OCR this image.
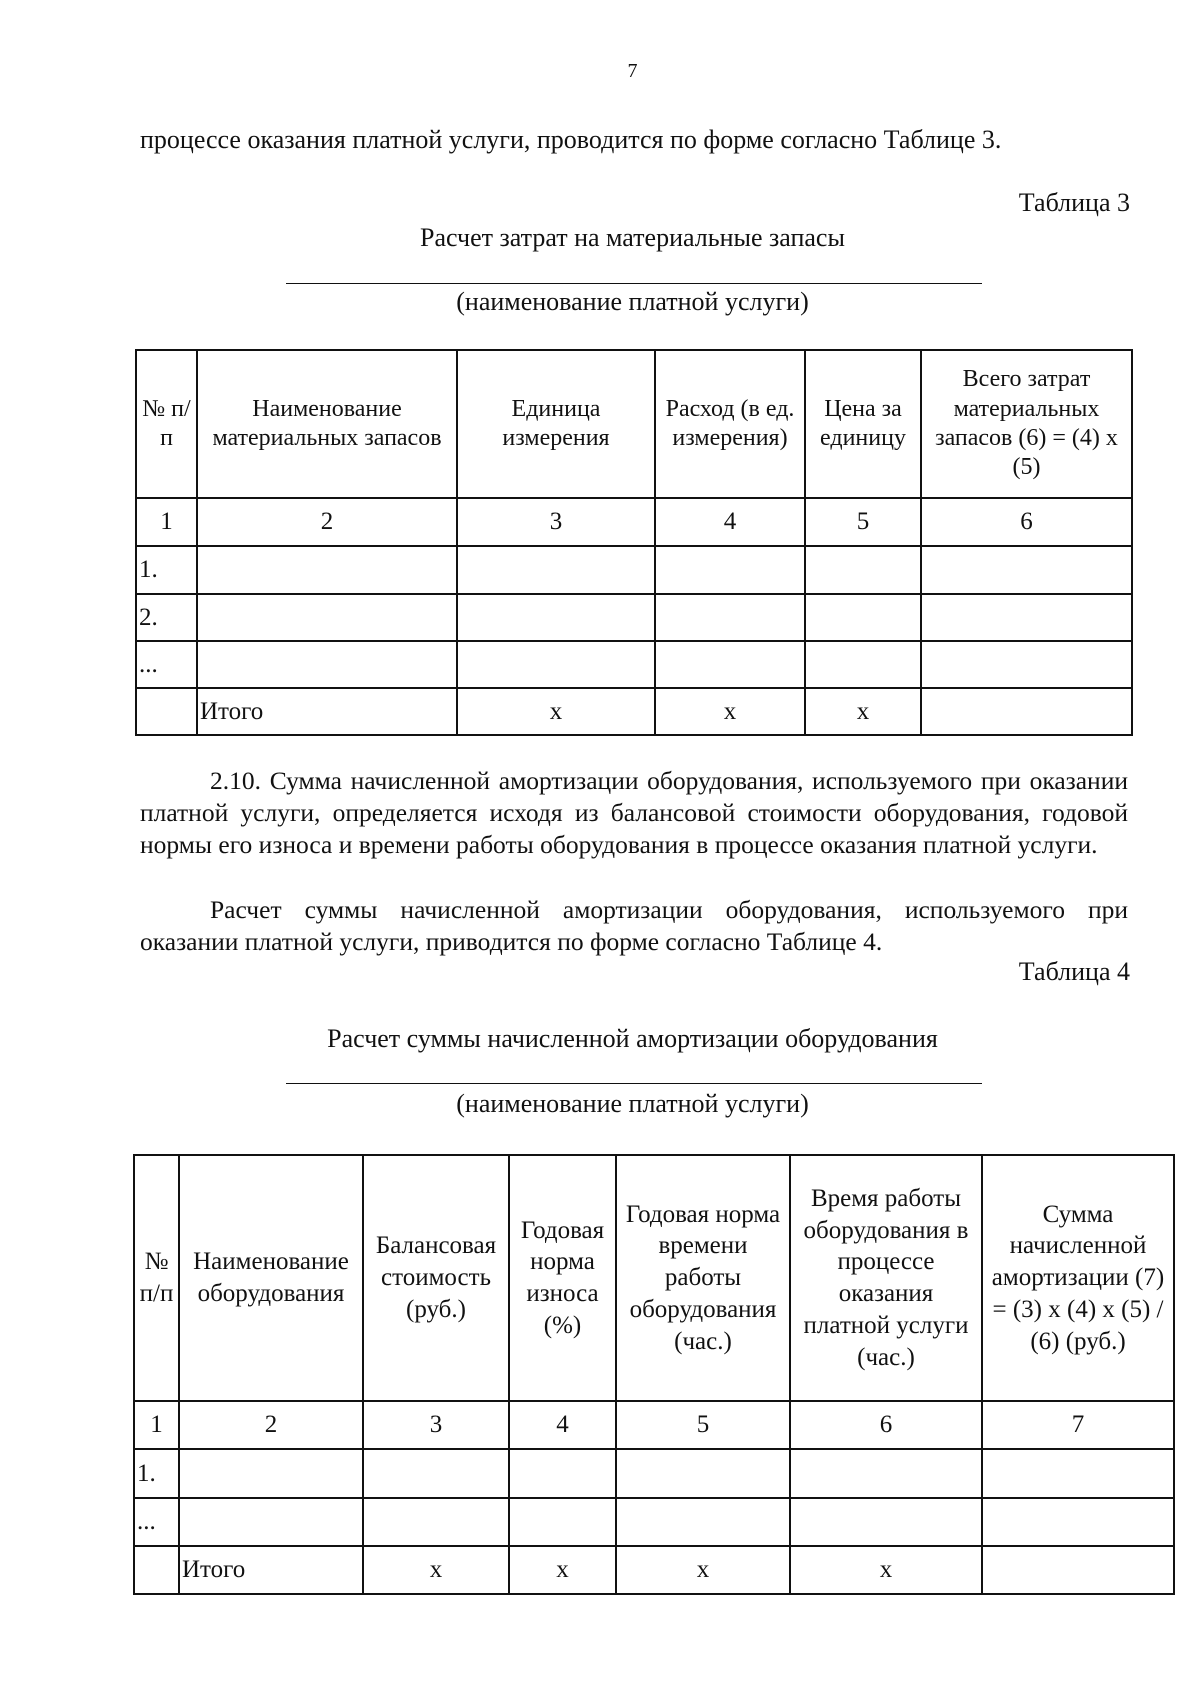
7
процессе оказания платной услуги, проводится по форме согласно Таблице 3.
Таблица 3
Расчет затрат на материальные запасы
(наименование платной услуги)
№ п/п	Наименование материальных запасов	Единица измерения	Расход (в ед. измерения)	Цена за единицу	Всего затрат материальных запасов (6) = (4) х (5)
1	2	3	4	5	6
1.					
2.					
...					
	Итого	x	x	x	
2.10. Сумма начисленной амортизации оборудования, используемого при оказании платной услуги, определяется исходя из балансовой стоимости оборудования, годовой нормы его износа и времени работы оборудования в процессе оказания платной услуги.
Расчет суммы начисленной амортизации оборудования, используемого при оказании платной услуги, приводится по форме согласно Таблице 4.
Таблица 4
Расчет суммы начисленной амортизации оборудования
(наименование платной услуги)
№ п/п	Наименование оборудования	Балансовая стоимость (руб.)	Годовая норма износа (%)	Годовая норма времени работы оборудования (час.)	Время работы оборудования в процессе оказания платной услуги (час.)	Сумма начисленной амортизации (7) = (3) х (4) х (5) / (6) (руб.)
1	2	3	4	5	6	7
1.						
...						
	Итого	x	x	x	x	
